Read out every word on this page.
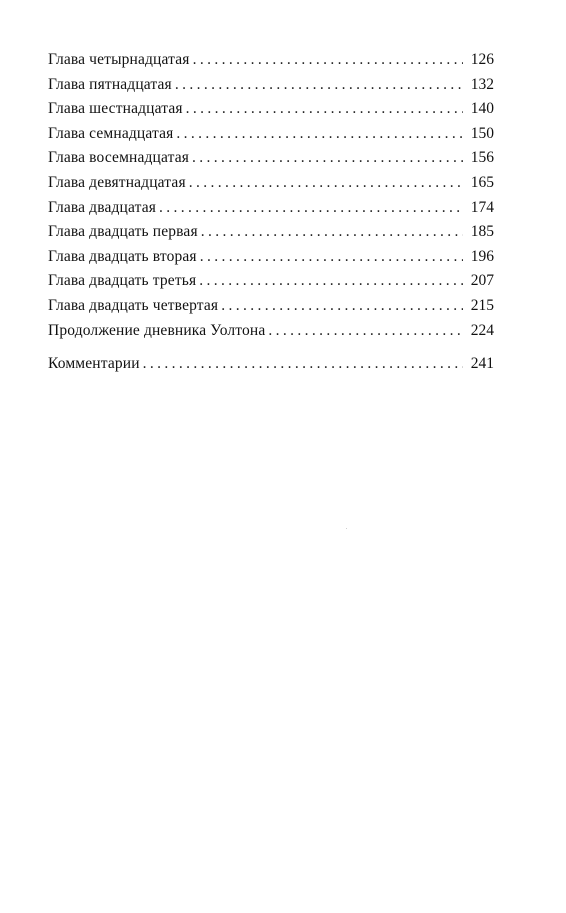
Глава четырнадцатая . . .	126
Глава пятнадцатая . . .	132
Глава шестнадцатая . . .	140
Глава семнадцатая . . .	150
Глава восемнадцатая . . .	156
Глава девятнадцатая . . .	165
Глава двадцатая . . .	174
Глава двадцать первая . . .	185
Глава двадцать вторая . . .	196
Глава двадцать третья . . .	207
Глава двадцать четвертая . . .	215
Продолжение дневника Уолтона . . .	224
Комментарии . . .	241
